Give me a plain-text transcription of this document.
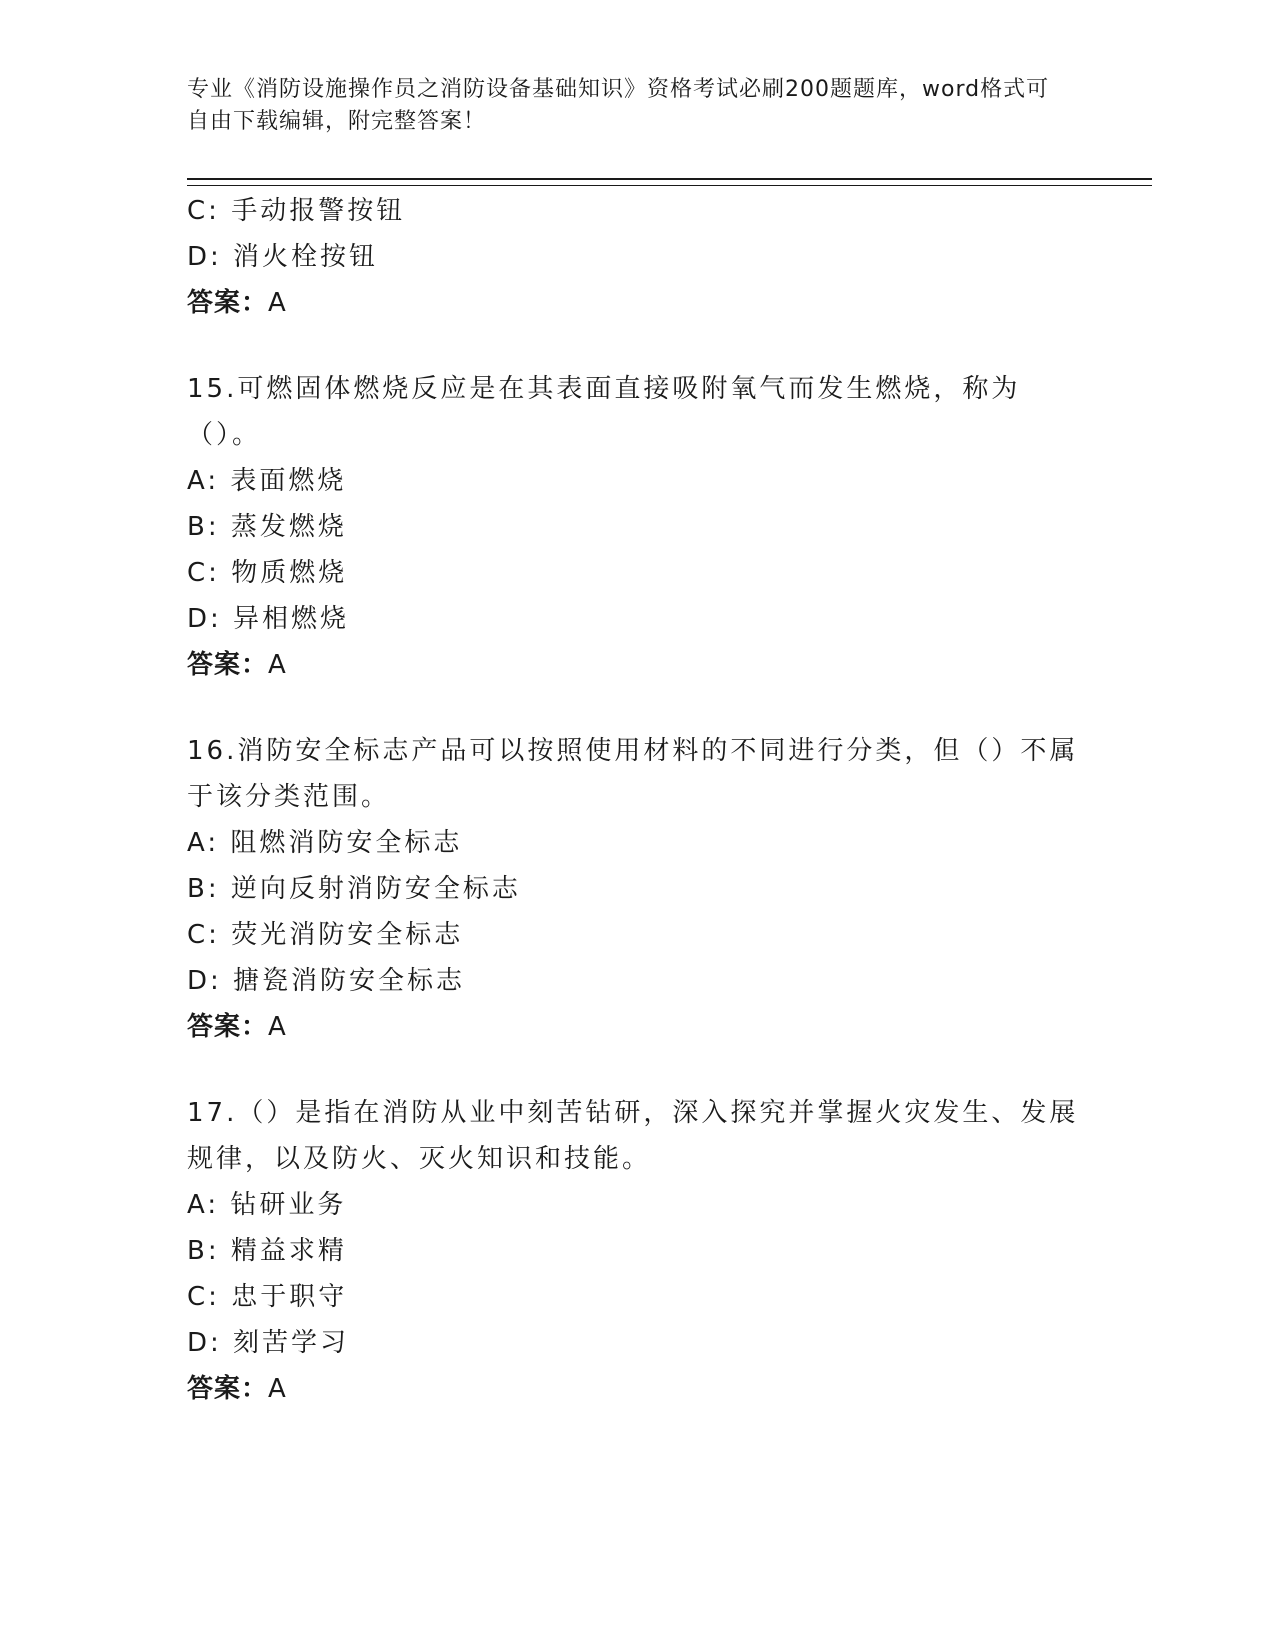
专业《消防设施操作员之消防设备基础知识》资格考试必刷200题题库，word格式可自由下载编辑，附完整答案！
C: 手动报警按钮
D: 消火栓按钮
答案：A
15.可燃固体燃烧反应是在其表面直接吸附氧气而发生燃烧，称为（）。
A: 表面燃烧
B: 蒸发燃烧
C: 物质燃烧
D: 异相燃烧
答案：A
16.消防安全标志产品可以按照使用材料的不同进行分类，但（）不属于该分类范围。
A: 阻燃消防安全标志
B: 逆向反射消防安全标志
C: 荧光消防安全标志
D: 搪瓷消防安全标志
答案：A
17.（）是指在消防从业中刻苦钻研，深入探究并掌握火灾发生、发展规律，以及防火、灭火知识和技能。
A: 钻研业务
B: 精益求精
C: 忠于职守
D: 刻苦学习
答案：A
